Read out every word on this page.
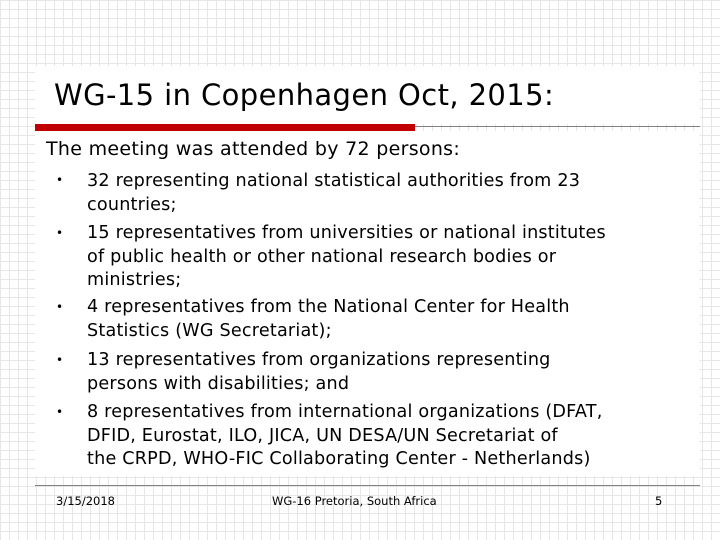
WG-15 in Copenhagen Oct, 2015:
The meeting was attended by 72 persons:
• 32 representing national statistical authorities from 23
countries;
• 15 representatives from universities or national institutes
of public health or other national research bodies or
ministries;
• 4 representatives from the National Center for Health
Statistics (WG Secretariat);
• 13 representatives from organizations representing
persons with disabilities; and
• 8 representatives from international organizations (DFAT,
DFID, Eurostat, ILO, JICA, UN DESA/UN Secretariat of
the CRPD, WHO-FIC Collaborating Center - Netherlands)
3/15/2018	WG-16 Pretoria, South Africa	5
